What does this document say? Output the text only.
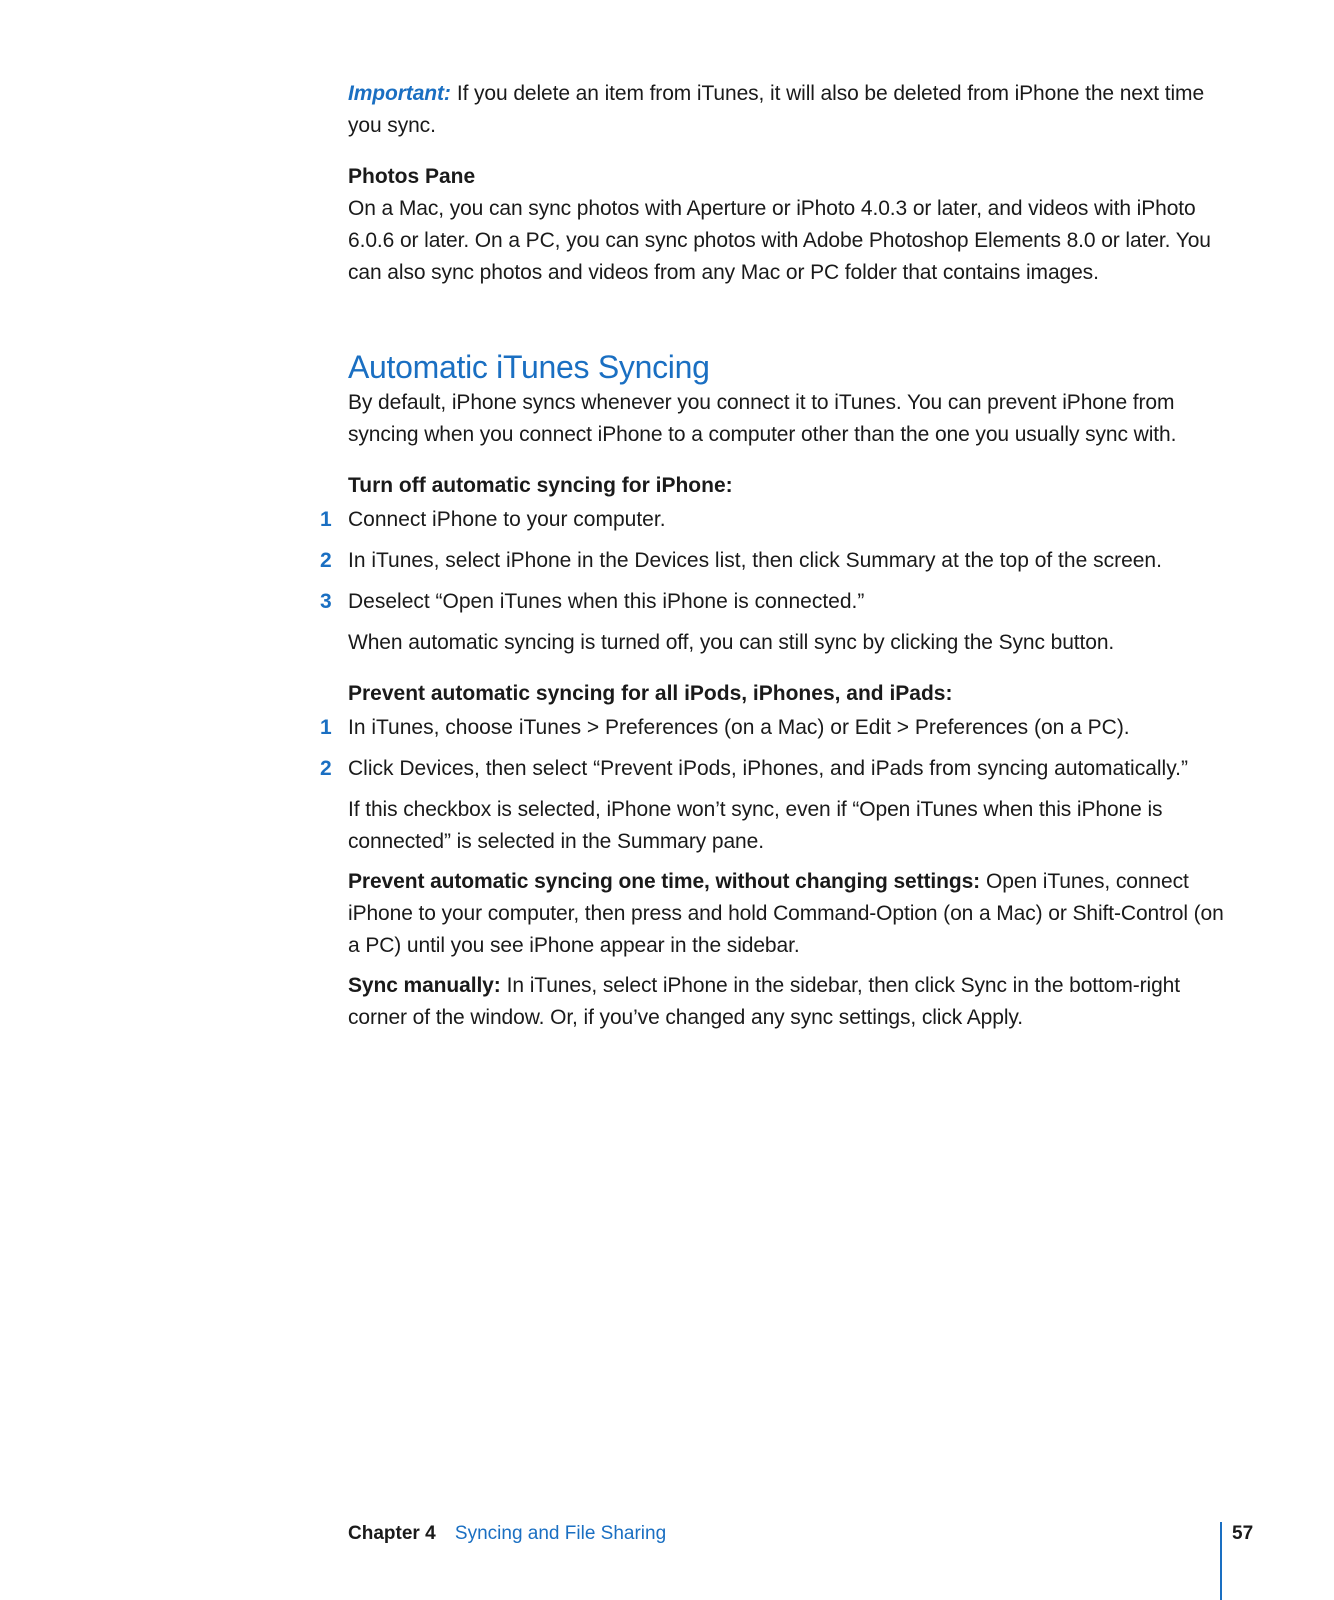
Important: If you delete an item from iTunes, it will also be deleted from iPhone the next time you sync.

Photos Pane

On a Mac, you can sync photos with Aperture or iPhoto 4.0.3 or later, and videos with iPhoto 6.0.6 or later. On a PC, you can sync photos with Adobe Photoshop Elements 8.0 or later. You can also sync photos and videos from any Mac or PC folder that contains images.

Automatic iTunes Syncing

By default, iPhone syncs whenever you connect it to iTunes. You can prevent iPhone from syncing when you connect iPhone to a computer other than the one you usually sync with.

Turn off automatic syncing for iPhone:
1 Connect iPhone to your computer.
2 In iTunes, select iPhone in the Devices list, then click Summary at the top of the screen.
3 Deselect “Open iTunes when this iPhone is connected.”

When automatic syncing is turned off, you can still sync by clicking the Sync button.

Prevent automatic syncing for all iPods, iPhones, and iPads:
1 In iTunes, choose iTunes > Preferences (on a Mac) or Edit > Preferences (on a PC).
2 Click Devices, then select “Prevent iPods, iPhones, and iPads from syncing automatically.”

If this checkbox is selected, iPhone won’t sync, even if “Open iTunes when this iPhone is connected” is selected in the Summary pane.

Prevent automatic syncing one time, without changing settings: Open iTunes, connect iPhone to your computer, then press and hold Command-Option (on a Mac) or Shift-Control (on a PC) until you see iPhone appear in the sidebar.

Sync manually: In iTunes, select iPhone in the sidebar, then click Sync in the bottom-right corner of the window. Or, if you’ve changed any sync settings, click Apply.

Chapter 4 Syncing and File Sharing	57
